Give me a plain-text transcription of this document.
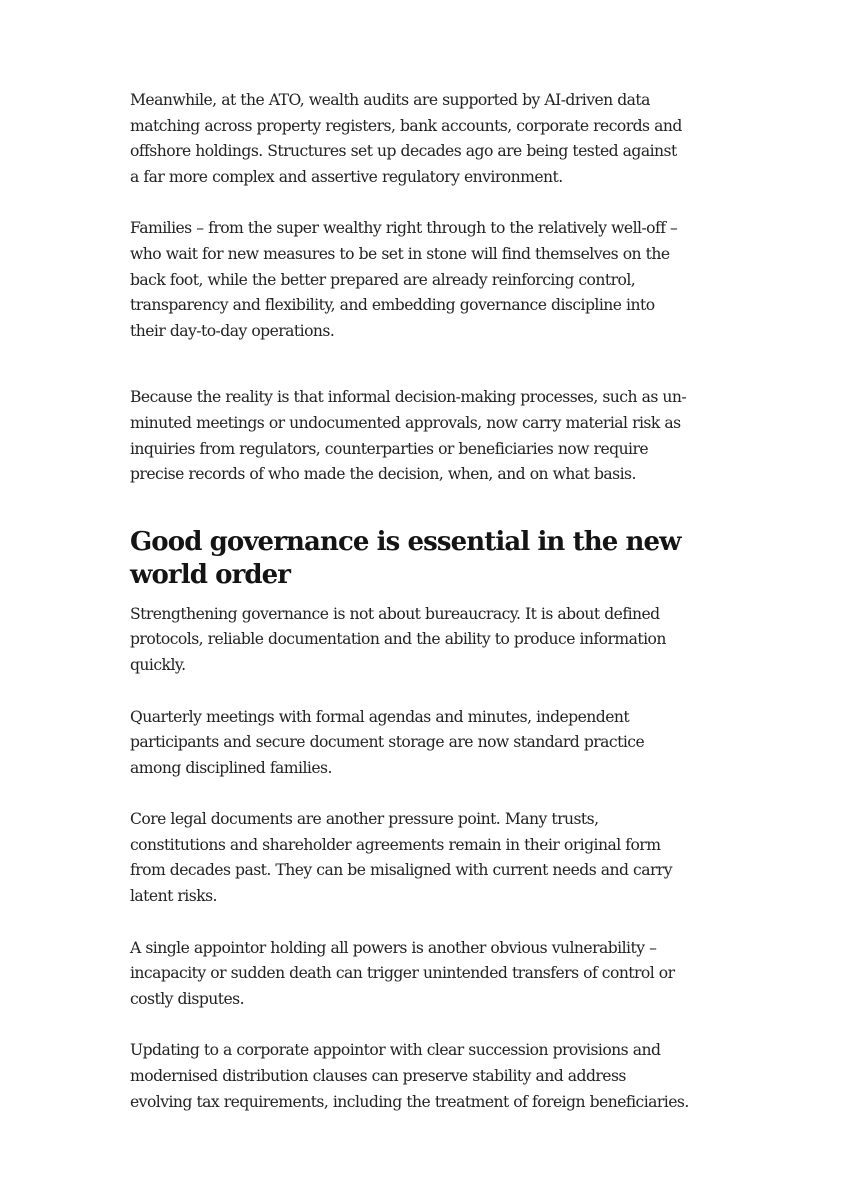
Meanwhile, at the ATO, wealth audits are supported by AI-driven data matching across property registers, bank accounts, corporate records and offshore holdings. Structures set up decades ago are being tested against a far more complex and assertive regulatory environment.

Families – from the super wealthy right through to the relatively well-off – who wait for new measures to be set in stone will find themselves on the back foot, while the better prepared are already reinforcing control, transparency and flexibility, and embedding governance discipline into their day-to-day operations.

Because the reality is that informal decision-making processes, such as un-minuted meetings or undocumented approvals, now carry material risk as inquiries from regulators, counterparties or beneficiaries now require precise records of who made the decision, when, and on what basis.

Good governance is essential in the new world order

Strengthening governance is not about bureaucracy. It is about defined protocols, reliable documentation and the ability to produce information quickly.

Quarterly meetings with formal agendas and minutes, independent participants and secure document storage are now standard practice among disciplined families.

Core legal documents are another pressure point. Many trusts, constitutions and shareholder agreements remain in their original form from decades past. They can be misaligned with current needs and carry latent risks.

A single appointor holding all powers is another obvious vulnerability – incapacity or sudden death can trigger unintended transfers of control or costly disputes.

Updating to a corporate appointor with clear succession provisions and modernised distribution clauses can preserve stability and address evolving tax requirements, including the treatment of foreign beneficiaries.
